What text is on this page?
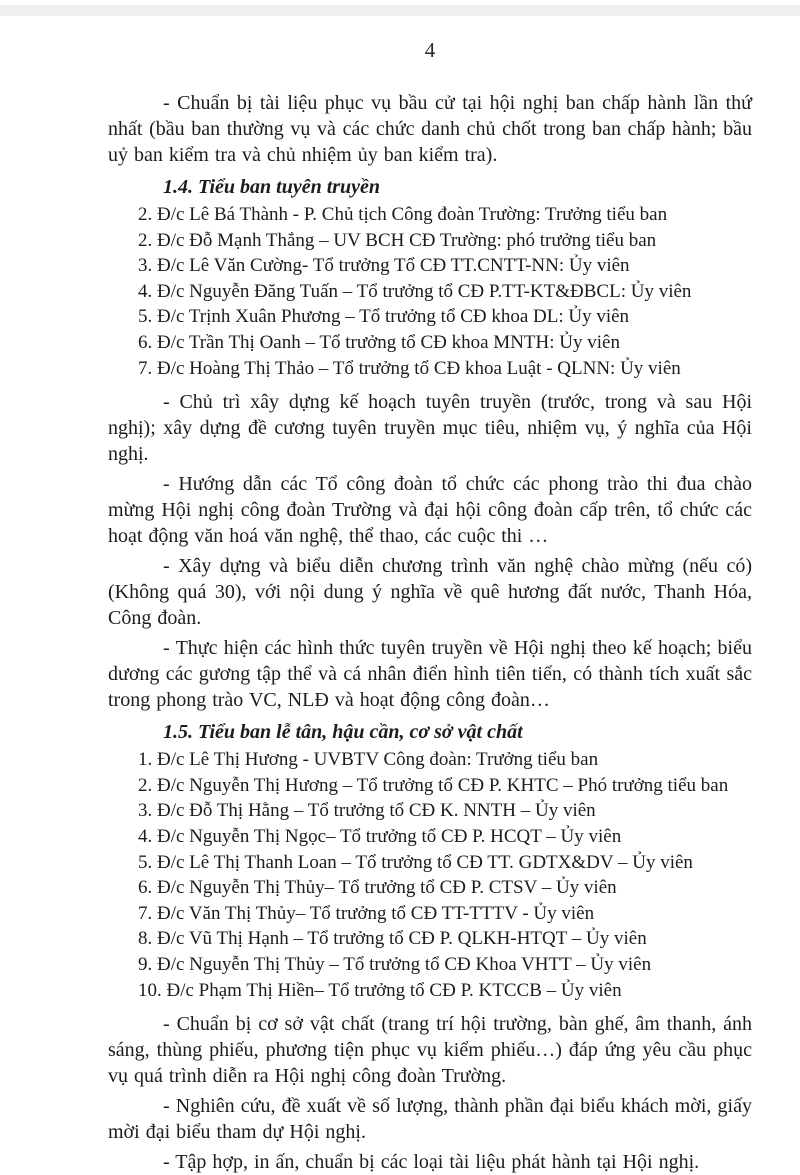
4

- Chuẩn bị tài liệu phục vụ bầu cử tại hội nghị ban chấp hành lần thứ nhất (bầu ban thường vụ và các chức danh chủ chốt trong ban chấp hành; bầu uỷ ban kiểm tra và chủ nhiệm ủy ban kiểm tra).

1.4. Tiểu ban tuyên truyền
2. Đ/c Lê Bá Thành - P. Chủ tịch Công đoàn Trường: Trưởng tiểu ban
2. Đ/c Đỗ Mạnh Thắng – UV BCH CĐ Trường: phó trưởng tiểu ban
3. Đ/c Lê Văn Cường- Tổ trưởng Tổ CĐ TT.CNTT-NN: Ủy viên
4. Đ/c Nguyễn Đăng Tuấn – Tổ trưởng tổ CĐ P.TT-KT&ĐBCL: Ủy viên
5. Đ/c Trịnh Xuân Phương – Tổ trưởng tổ CĐ khoa DL: Ủy viên
6. Đ/c Trần Thị Oanh – Tổ trưởng tổ CĐ khoa MNTH: Ủy viên
7. Đ/c Hoàng Thị Thảo – Tổ trưởng tổ CĐ khoa Luật - QLNN: Ủy viên

- Chủ trì xây dựng kế hoạch tuyên truyền (trước, trong và sau Hội nghị); xây dựng đề cương tuyên truyền mục tiêu, nhiệm vụ, ý nghĩa của Hội nghị.

- Hướng dẫn các Tổ công đoàn tổ chức các phong trào thi đua chào mừng Hội nghị công đoàn Trường và đại hội công đoàn cấp trên, tổ chức các hoạt động văn hoá văn nghệ, thể thao, các cuộc thi …

- Xây dựng và biểu diễn chương trình văn nghệ chào mừng (nếu có)(Không quá 30), với nội dung ý nghĩa về quê hương đất nước, Thanh Hóa, Công đoàn.

- Thực hiện các hình thức tuyên truyền về Hội nghị theo kế hoạch; biểu dương các gương tập thể và cá nhân điển hình tiên tiến, có thành tích xuất sắc trong phong trào VC, NLĐ và hoạt động công đoàn…

1.5. Tiểu ban lễ tân, hậu cần, cơ sở vật chất
1. Đ/c Lê Thị Hương - UVBTV Công đoàn: Trưởng tiểu ban
2. Đ/c Nguyễn Thị Hương – Tổ trưởng tổ CĐ P. KHTC – Phó trưởng tiểu ban
3. Đ/c Đỗ Thị Hằng – Tổ trưởng tổ CĐ K. NNTH – Ủy viên
4. Đ/c Nguyễn Thị Ngọc– Tổ trưởng tổ CĐ P. HCQT – Ủy viên
5. Đ/c Lê Thị Thanh Loan – Tổ trưởng tổ CĐ TT. GDTX&DV – Ủy viên
6. Đ/c Nguyễn Thị Thủy– Tổ trưởng tổ CĐ P. CTSV – Ủy viên
7. Đ/c Văn Thị Thủy– Tổ trưởng tổ CĐ TT-TTTV - Ủy viên
8. Đ/c Vũ Thị Hạnh – Tổ trưởng tổ CĐ P. QLKH-HTQT – Ủy viên
9. Đ/c Nguyễn Thị Thủy – Tổ trưởng tổ CĐ Khoa VHTT – Ủy viên
10. Đ/c Phạm Thị Hiền– Tổ trưởng tổ CĐ P. KTCCB – Ủy viên

- Chuẩn bị cơ sở vật chất (trang trí hội trường, bàn ghế, âm thanh, ánh sáng, thùng phiếu, phương tiện phục vụ kiểm phiếu…) đáp ứng yêu cầu phục vụ quá trình diễn ra Hội nghị công đoàn Trường.

- Nghiên cứu, đề xuất về số lượng, thành phần đại biểu khách mời, giấy mời đại biểu tham dự Hội nghị.

- Tập hợp, in ấn, chuẩn bị các loại tài liệu phát hành tại Hội nghị.
